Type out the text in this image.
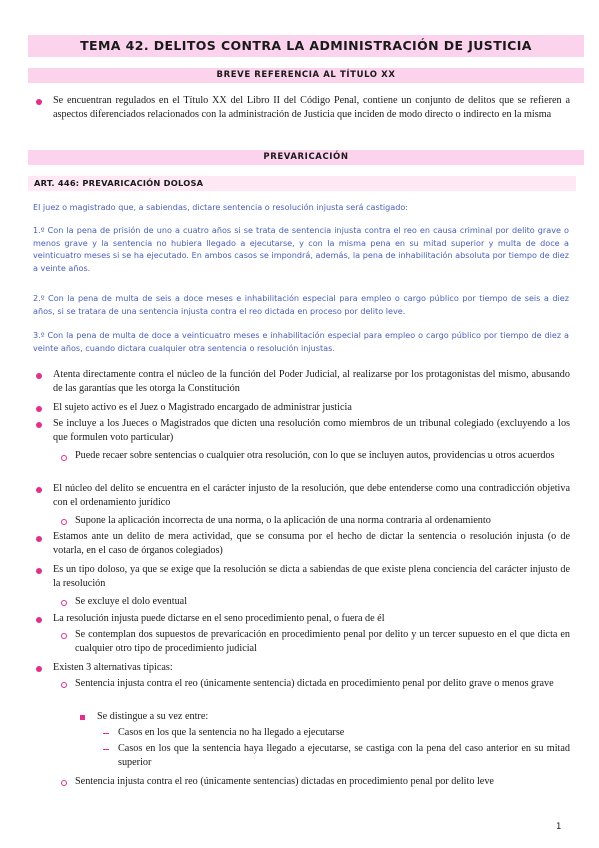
TEMA 42. DELITOS CONTRA LA ADMINISTRACIÓN DE JUSTICIA
BREVE REFERENCIA AL TÍTULO XX
Se encuentran regulados en el Título XX del Libro II del Código Penal, contiene un conjunto de delitos que se refieren a aspectos diferenciados relacionados con la administración de Justicia que inciden de modo directo o indirecto en la misma
PREVARICACIÓN
ART. 446: PREVARICACIÓN DOLOSA
El juez o magistrado que, a sabiendas, dictare sentencia o resolución injusta será castigado:
1.º Con la pena de prisión de uno a cuatro años si se trata de sentencia injusta contra el reo en causa criminal por delito grave o menos grave y la sentencia no hubiera llegado a ejecutarse, y con la misma pena en su mitad superior y multa de doce a veinticuatro meses si se ha ejecutado. En ambos casos se impondrá, además, la pena de inhabilitación absoluta por tiempo de diez a veinte años.
2.º Con la pena de multa de seis a doce meses e inhabilitación especial para empleo o cargo público por tiempo de seis a diez años, si se tratara de una sentencia injusta contra el reo dictada en proceso por delito leve.
3.º Con la pena de multa de doce a veinticuatro meses e inhabilitación especial para empleo o cargo público por tiempo de diez a veinte años, cuando dictara cualquier otra sentencia o resolución injustas.
Atenta directamente contra el núcleo de la función del Poder Judicial, al realizarse por los protagonistas del mismo, abusando de las garantías que les otorga la Constitución
El sujeto activo es el Juez o Magistrado encargado de administrar justicia
Se incluye a los Jueces o Magistrados que dicten una resolución como miembros de un tribunal colegiado (excluyendo a los que formulen voto particular)
Puede recaer sobre sentencias o cualquier otra resolución, con lo que se incluyen autos, providencias u otros acuerdos
El núcleo del delito se encuentra en el carácter injusto de la resolución, que debe entenderse como una contradicción objetiva con el ordenamiento jurídico
Supone la aplicación incorrecta de una norma, o la aplicación de una norma contraria al ordenamiento
Estamos ante un delito de mera actividad, que se consuma por el hecho de dictar la sentencia o resolución injusta (o de votarla, en el caso de órganos colegiados)
Es un tipo doloso, ya que se exige que la resolución se dicta a sabiendas de que existe plena conciencia del carácter injusto de la resolución
Se excluye el dolo eventual
La resolución injusta puede dictarse en el seno procedimiento penal, o fuera de él
Se contemplan dos supuestos de prevaricación en procedimiento penal por delito y un tercer supuesto en el que dicta en cualquier otro tipo de procedimiento judicial
Existen 3 alternativas típicas:
Sentencia injusta contra el reo (únicamente sentencia) dictada en procedimiento penal por delito grave o menos grave
Se distingue a su vez entre:
Casos en los que la sentencia no ha llegado a ejecutarse
Casos en los que la sentencia haya llegado a ejecutarse, se castiga con la pena del caso anterior en su mitad superior
Sentencia injusta contra el reo (únicamente sentencias) dictadas en procedimiento penal por delito leve
1
